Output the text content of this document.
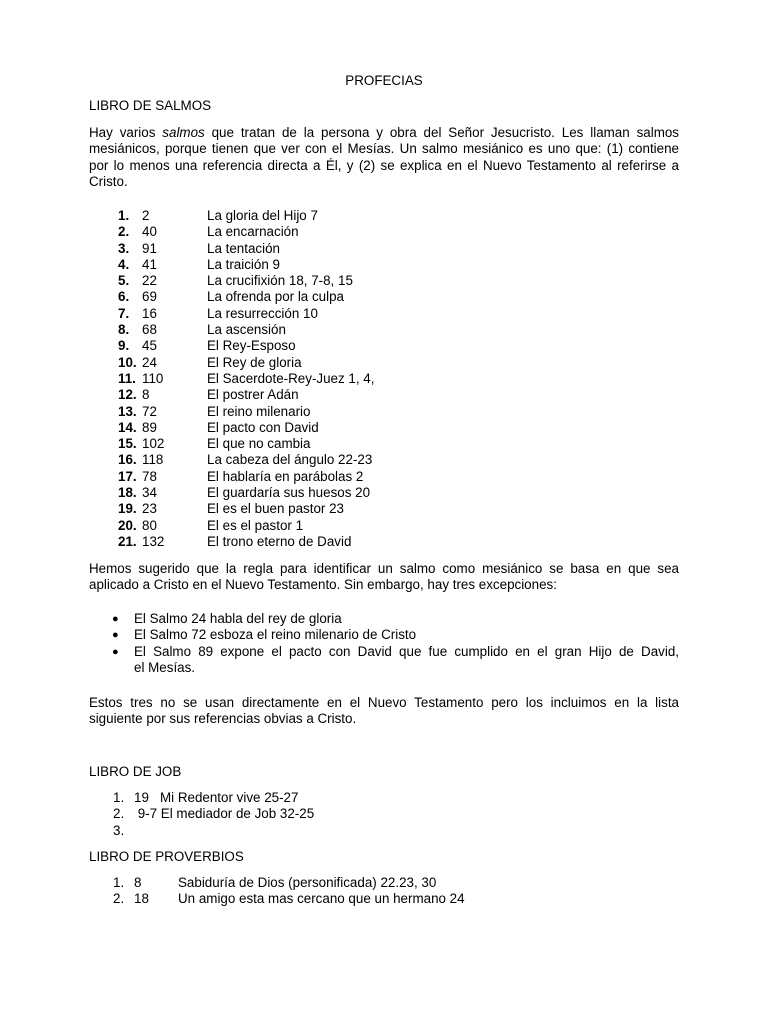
PROFECIAS
LIBRO DE SALMOS
Hay varios salmos que tratan de la persona y obra del Señor Jesucristo. Les llaman salmos
mesiánicos, porque tienen que ver con el Mesías. Un salmo mesiánico es uno que: (1) contiene
por lo menos una referencia directa a Él, y (2) se explica en el Nuevo Testamento al referirse a
Cristo.
1. 2	La gloria del Hijo 7
2. 40	La encarnación
3. 91	La tentación
4. 41	La traición 9
5. 22	La crucifixión 18, 7-8, 15
6. 69	La ofrenda por la culpa
7. 16	La resurrección 10
8. 68	La ascensión
9. 45	El Rey-Esposo
10. 24	El Rey de gloria
11. 110	El Sacerdote-Rey-Juez 1, 4,
12. 8	El postrer Adán
13. 72	El reino milenario
14. 89	El pacto con David
15. 102	El que no cambia
16. 118	La cabeza del ángulo 22-23
17. 78	El hablaría en parábolas 2
18. 34	El guardaría sus huesos 20
19. 23	El es el buen pastor 23
20. 80	El es el pastor 1
21. 132	El trono eterno de David
Hemos sugerido que la regla para identificar un salmo como mesiánico se basa en que sea
aplicado a Cristo en el Nuevo Testamento. Sin embargo, hay tres excepciones:
● El Salmo 24 habla del rey de gloria
● El Salmo 72 esboza el reino milenario de Cristo
● El Salmo 89 expone el pacto con David que fue cumplido en el gran Hijo de David,
el Mesías.
Estos tres no se usan directamente en el Nuevo Testamento pero los incluimos en la lista
siguiente por sus referencias obvias a Cristo.
LIBRO DE JOB
1. 19 Mi Redentor vive 25-27
2. 9-7 El mediador de Job 32-25
3.
LIBRO DE PROVERBIOS
1. 8	Sabiduría de Dios (personificada) 22.23, 30
2. 18 Un amigo esta mas cercano que un hermano 24
